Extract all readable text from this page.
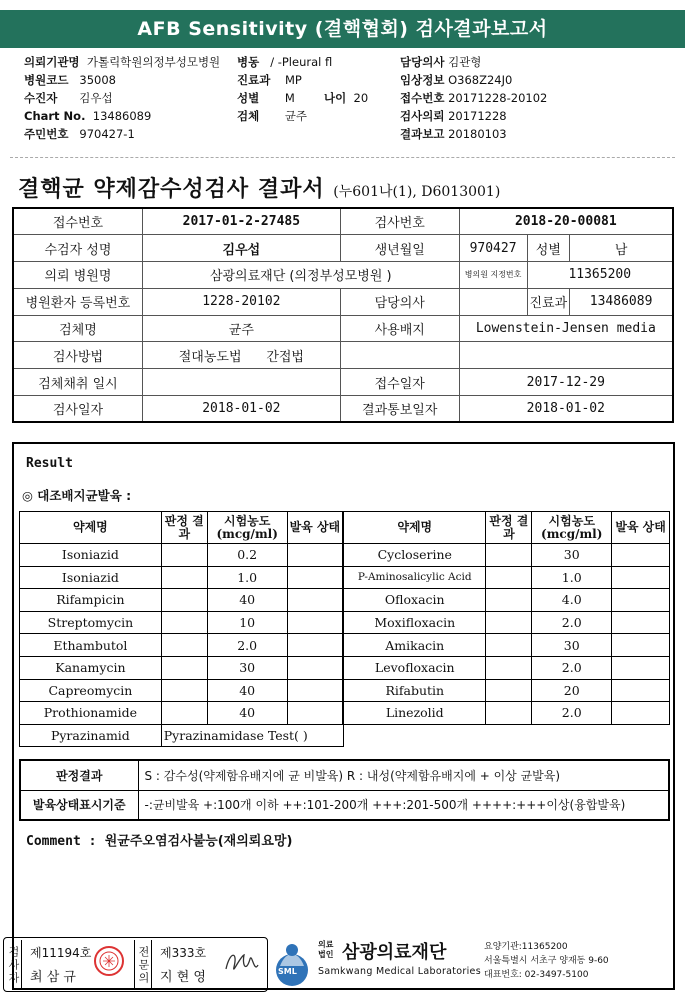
AFB Sensitivity (결핵협회) 검사결과보고서
의뢰기관명 가톨릭학원의정부성모병원
병원코드 35008
수진자 김우섭
Chart No. 13486089
주민번호 970427-1
병동 / -Pleural fl
진료과 MP
성별 M	나이 20
검체 균주
담당의사 김관형
임상정보 O368Z24J0
접수번호 20171228-20102
검사의뢰 20171228
결과보고 20180103
결핵균 약제감수성검사 결과서 (누601나(1), D6013001)
접수번호	2017-01-2-27485	검사번호	2018-20-00081		
수검자 성명	김우섭	생년월일	970427	성별	남
의뢰 병원명	삼광의료재단 (의정부성모병원 )		병의원 지정번호	11365200	
병원환자 등록번호	1228-20102	담당의사		진료과	13486089
검체명	균주	사용배지	Lowenstein-Jensen media		
검사방법	절대농도법 간접법				
검체채취 일시		접수일자	2017-12-29		
검사일자	2018-01-02	결과통보일자	2018-01-02		
Result
◎ 대조배지균발육 :
약제명	판정 결과	시험농도 (mcg/ml)	발육 상태	약제명	판정 결과	시험농도 (mcg/ml)	발육 상태
Isoniazid		0.2		Cycloserine		30	
Isoniazid		1.0		P-Aminosalicylic Acid		1.0	
Rifampicin		40		Ofloxacin		4.0	
Streptomycin		10		Moxifloxacin		2.0	
Ethambutol		2.0		Amikacin		30	
Kanamycin		30		Levofloxacin		2.0	
Capreomycin		40		Rifabutin		20	
Prothionamide		40		Linezolid		2.0	
Pyrazinamid	Pyrazinamidase Test( )						
판정결과	S : 감수성(약제함유배지에 균 비발육) R : 내성(약제함유배지에 + 이상 균발육)
발육상태표시기준	-:균비발육 +:100개 이하 ++:101-200개 +++:201-500개 ++++:+++이상(융합발육)
Comment : 원균주오염검사불능(재의뢰요망)
검사자 제11194호
최 삼 규	전문의 제333호
지 현 영	SML
의료 법인 삼광의료재단
Samkwang Medical Laboratories
요양기관:11365200
서울특별시 서초구 양재동 9-60
대표번호: 02-3497-5100
